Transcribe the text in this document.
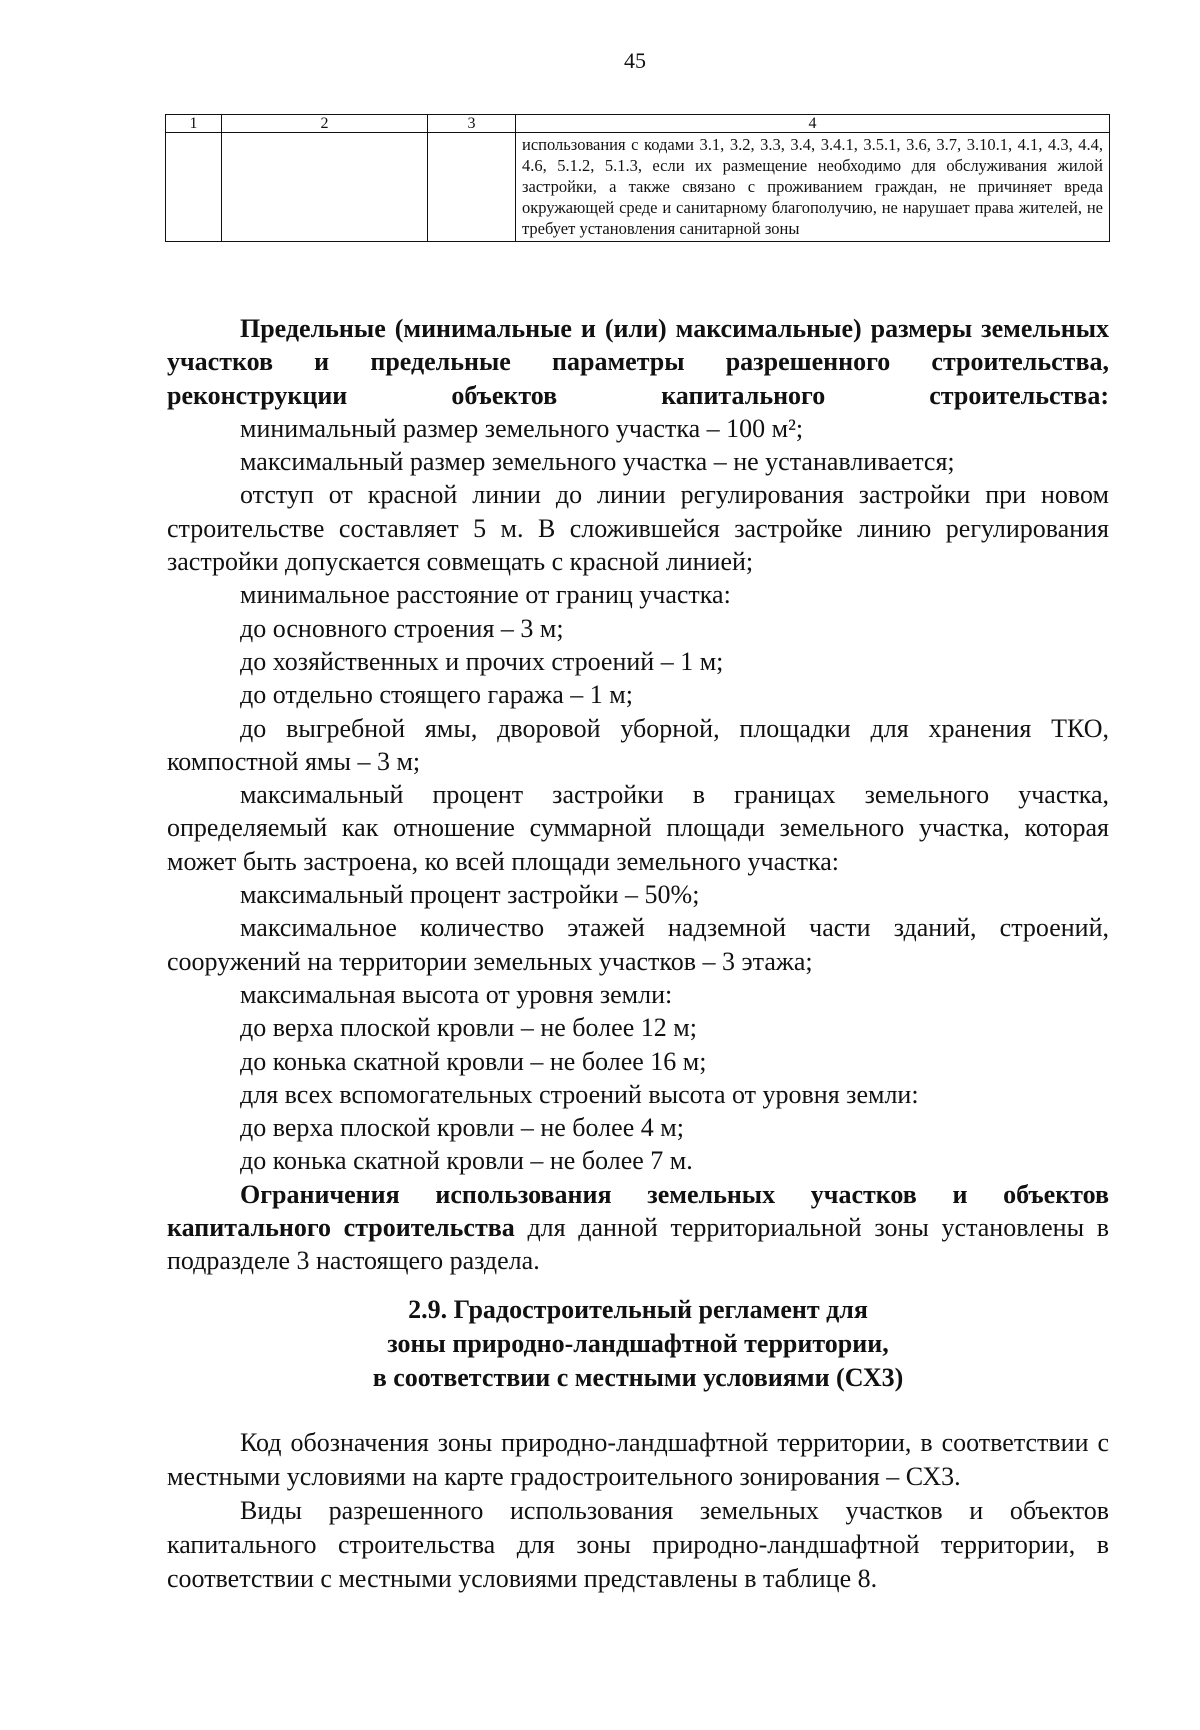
45
1	2	3	4
			использования с кодами 3.1, 3.2, 3.3, 3.4, 3.4.1, 3.5.1, 3.6, 3.7, 3.10.1, 4.1, 4.3, 4.4, 4.6, 5.1.2, 5.1.3, если их размещение необходимо для обслуживания жилой застройки, а также связано с проживанием граждан, не причиняет вреда окружающей среде и санитарному благополучию, не нарушает права жителей, не требует установления санитарной зоны

Предельные (минимальные и (или) максимальные) размеры земельных участков и предельные параметры разрешенного строительства, реконструкции объектов капитального строительства:

минимальный размер земельного участка – 100 м²;

максимальный размер земельного участка – не устанавливается;

отступ от красной линии до линии регулирования застройки при новом строительстве составляет 5 м. В сложившейся застройке линию регулирования застройки допускается совмещать с красной линией;

минимальное расстояние от границ участка:

до основного строения – 3 м;

до хозяйственных и прочих строений – 1 м;

до отдельно стоящего гаража – 1 м;

до выгребной ямы, дворовой уборной, площадки для хранения ТКО, компостной ямы – 3 м;

максимальный процент застройки в границах земельного участка, определяемый как отношение суммарной площади земельного участка, которая может быть застроена, ко всей площади земельного участка:

максимальный процент застройки – 50%;

максимальное количество этажей надземной части зданий, строений, сооружений на территории земельных участков – 3 этажа;

максимальная высота от уровня земли:

до верха плоской кровли – не более 12 м;

до конька скатной кровли – не более 16 м;

для всех вспомогательных строений высота от уровня земли:

до верха плоской кровли – не более 4 м;

до конька скатной кровли – не более 7 м.

Ограничения использования земельных участков и объектов капитального строительства для данной территориальной зоны установлены в подразделе 3 настоящего раздела.

2.9. Градостроительный регламент для
зоны природно-ландшафтной территории,
в соответствии с местными условиями (СХ3)

Код обозначения зоны природно-ландшафтной территории, в соответствии с местными условиями на карте градостроительного зонирования – СХ3.

Виды разрешенного использования земельных участков и объектов капитального строительства для зоны природно-ландшафтной территории, в соответствии с местными условиями представлены в таблице 8.
